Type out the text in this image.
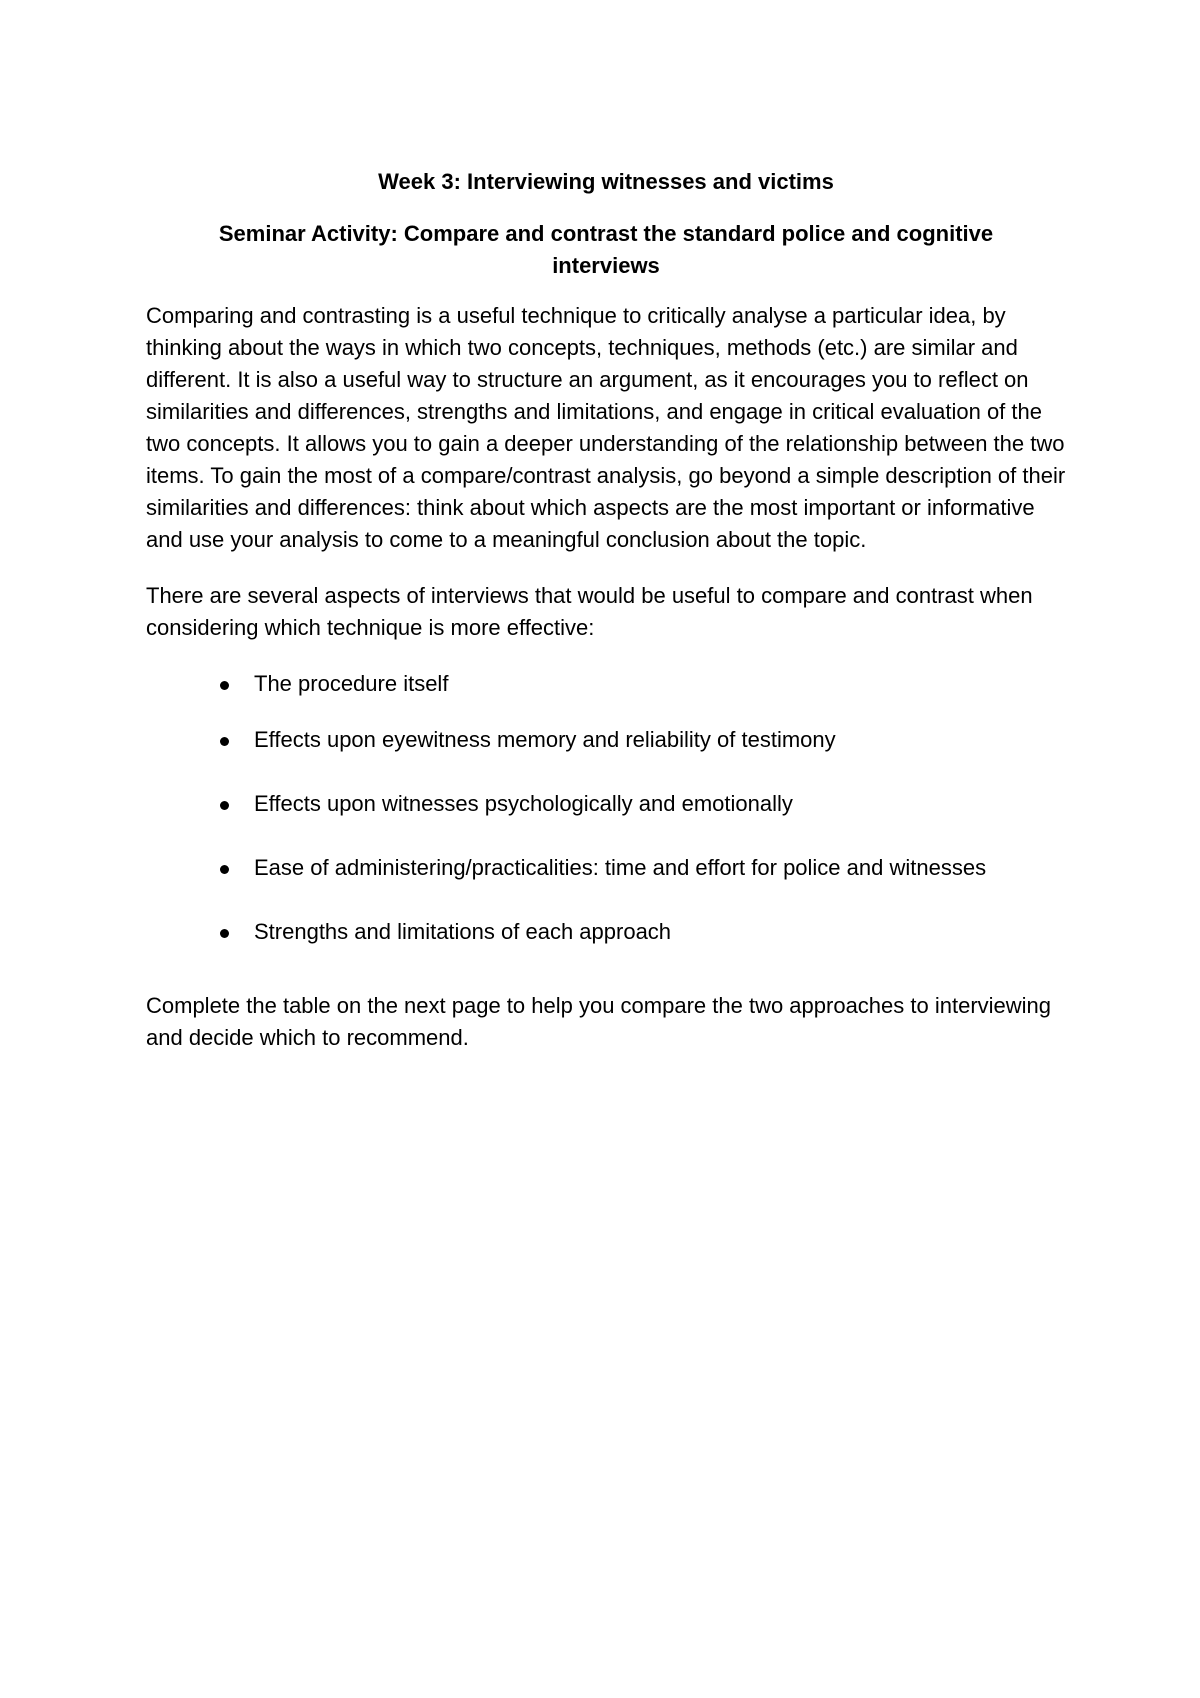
Week 3: Interviewing witnesses and victims
Seminar Activity: Compare and contrast the standard police and cognitive interviews

Comparing and contrasting is a useful technique to critically analyse a particular idea, by thinking about the ways in which two concepts, techniques, methods (etc.) are similar and different. It is also a useful way to structure an argument, as it encourages you to reflect on similarities and differences, strengths and limitations, and engage in critical evaluation of the two concepts. It allows you to gain a deeper understanding of the relationship between the two items. To gain the most of a compare/contrast analysis, go beyond a simple description of their similarities and differences: think about which aspects are the most important or informative and use your analysis to come to a meaningful conclusion about the topic.

There are several aspects of interviews that would be useful to compare and contrast when considering which technique is more effective:

The procedure itself
Effects upon eyewitness memory and reliability of testimony
Effects upon witnesses psychologically and emotionally
Ease of administering/practicalities: time and effort for police and witnesses
Strengths and limitations of each approach

Complete the table on the next page to help you compare the two approaches to interviewing and decide which to recommend.
